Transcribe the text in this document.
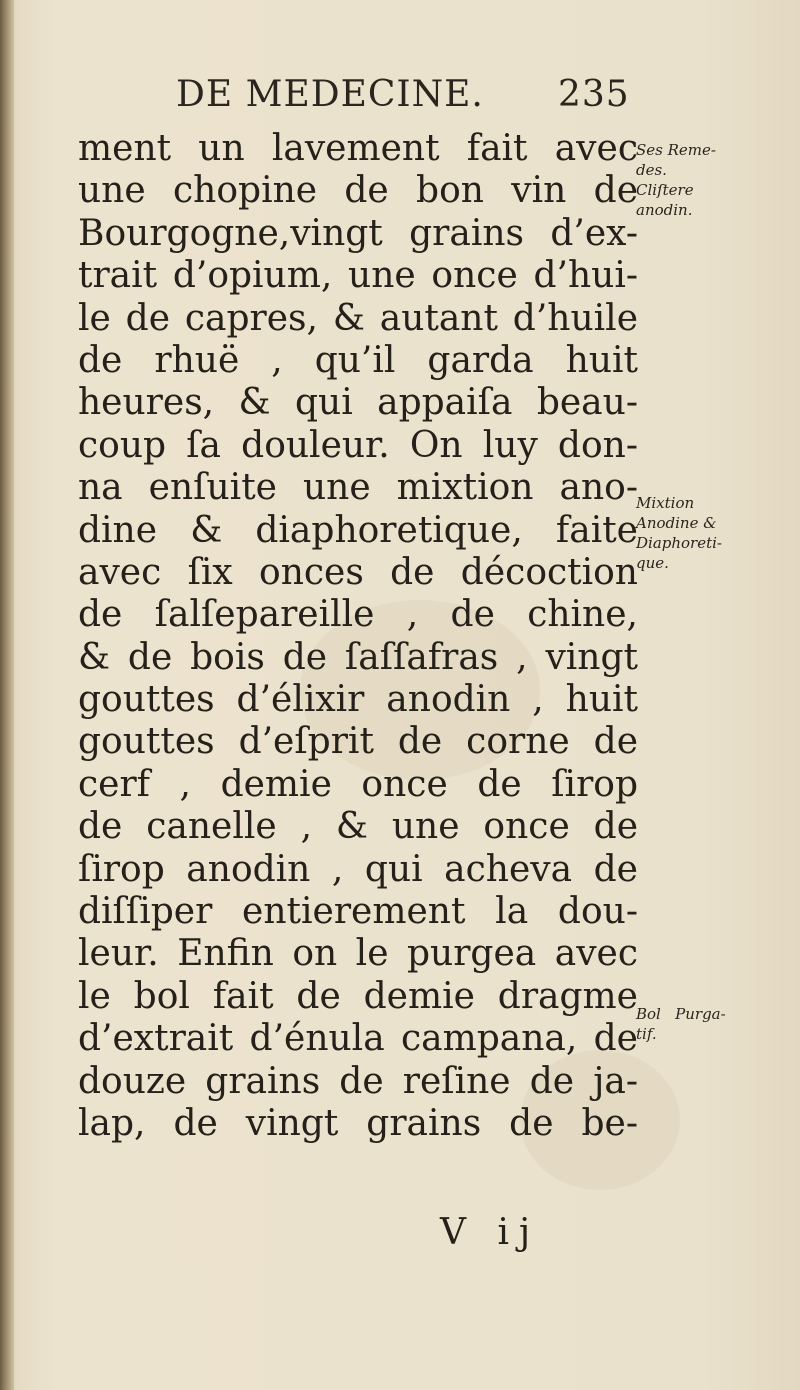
DE MEDECINE. 235
ment un lavement fait avec
une chopine de bon vin de
Bourgogne,vingt grains d’ex-
trait d’opium, une once d’hui-
le de capres, & autant d’huile
de rhuë , qu’il garda huit
heures, & qui appaiſa beau-
coup ſa douleur. On luy don-
na enſuite une mixtion ano-
dine & diaphoretique, faite
avec ſix onces de décoction
de ſalſepareille , de chine,
& de bois de ſaſſafras , vingt
gouttes d’élixir anodin , huit
gouttes d’eſprit de corne de
cerf , demie once de ſirop
de canelle , & une once de
ſirop anodin , qui acheva de
diſſiper entierement la dou-
leur. Enfin on le purgea avec
le bol fait de demie dragme
d’extrait d’énula campana, de
douze grains de reſine de ja-
lap, de vingt grains de be-
Ses Reme-
des.
Cliſtere
anodin.
Mixtion
Anodine &
Diaphoreti-
que.
Bol   Purga-
tif.
V ij
